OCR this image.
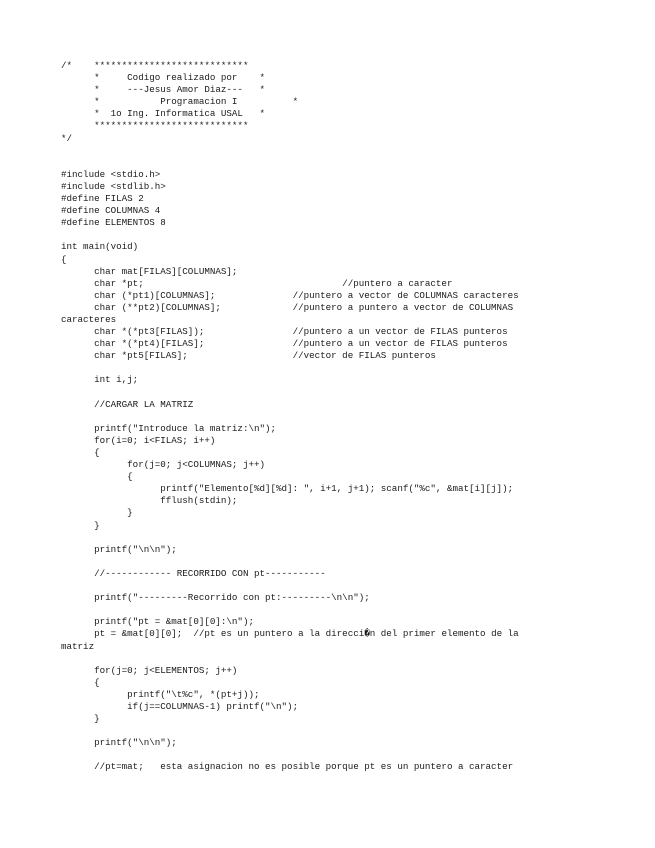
/*    ****************************
*     Codigo realizado por    *
*     ---Jesus Amor Diaz---   *
*           Programacion I          *
*  1o Ing. Informatica USAL   *
****************************
*/
#include <stdio.h>
#include <stdlib.h>
#define FILAS 2
#define COLUMNAS 4
#define ELEMENTOS 8
int main(void)
{
char mat[FILAS][COLUMNAS];
char *pt;                                    //puntero a caracter
char (*pt1)[COLUMNAS];              //puntero a vector de COLUMNAS caracteres
char (**pt2)[COLUMNAS];             //puntero a puntero a vector de COLUMNAS
caracteres
char *(*pt3[FILAS]);                //puntero a un vector de FILAS punteros
char *(*pt4)[FILAS];                //puntero a un vector de FILAS punteros
char *pt5[FILAS];                   //vector de FILAS punteros
int i,j;
//CARGAR LA MATRIZ
printf("Introduce la matriz:\n");
for(i=0; i<FILAS; i++)
{
for(j=0; j<COLUMNAS; j++)
{
printf("Elemento[%d][%d]: ", i+1, j+1); scanf("%c", &mat[i][j]);
fflush(stdin);
}
}
printf("\n\n");
//------------ RECORRIDO CON pt-----------
printf("---------Recorrido con pt:---------\n\n");
printf("pt = &mat[0][0]:\n");
pt = &mat[0][0];  //pt es un puntero a la direcci�n del primer elemento de la
matriz
for(j=0; j<ELEMENTOS; j++)
{
printf("\t%c", *(pt+j));
if(j==COLUMNAS-1) printf("\n");
}
printf("\n\n");
//pt=mat;   esta asignacion no es posible porque pt es un puntero a caracter
